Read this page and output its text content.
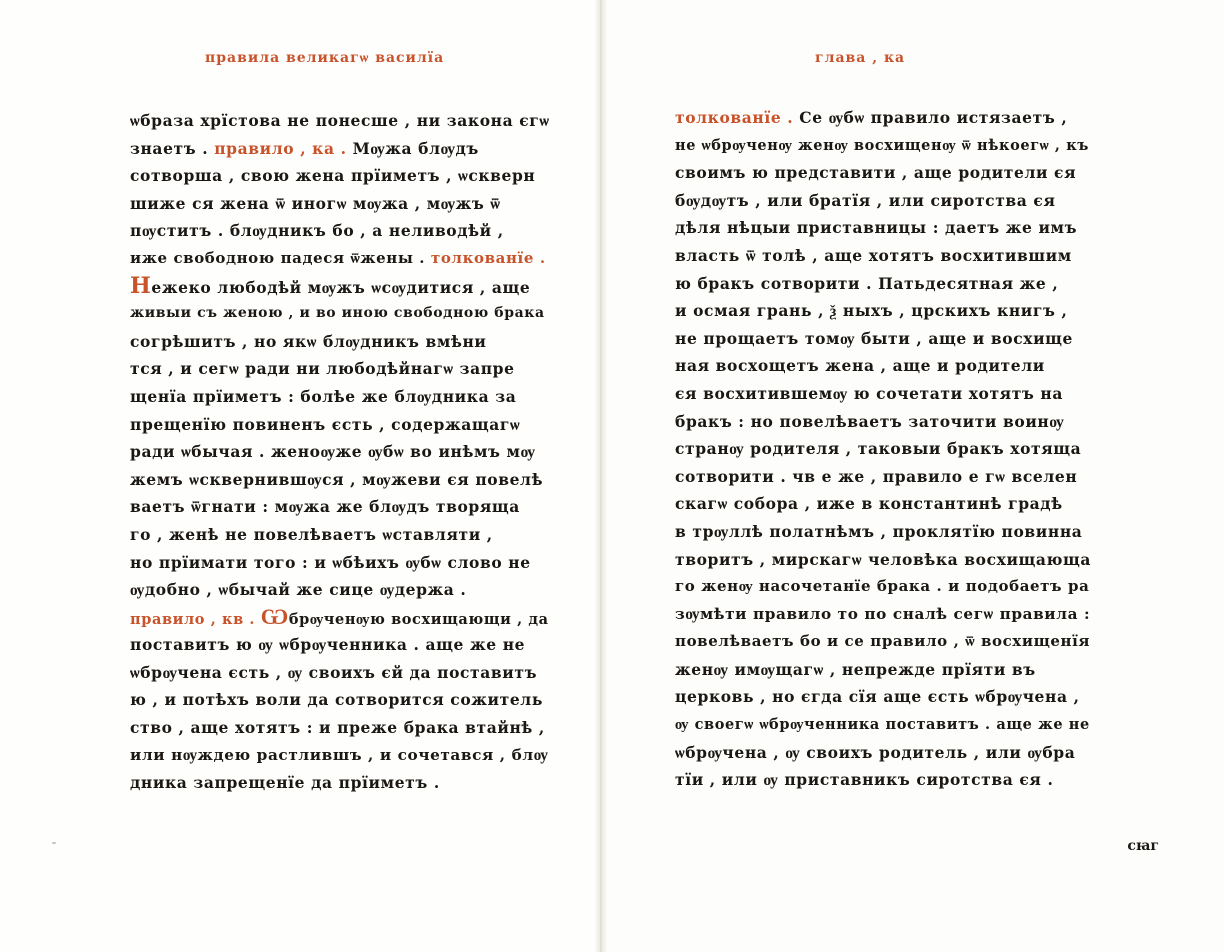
правила великагѡ василїа
ѡбраза хрїстова не понесше , ни закона єгѡ
знаетъ . правило , ка . Мѹжа блѹдъ
сотворша , свою жена прїиметъ , ѡскверн
шиже ся жена ѿ иногѡ мѹжа , мѹжъ ѿ
пѹститъ . блѹдникъ бо , а неливодѣй ,
иже свободною падеся ѿжены . толкованїе .
Нежеко любодѣй мѹжъ ѡсѹдитися , аще
живыи съ женою , и во иною свободною брака
согрѣшитъ , но якѡ блѹдникъ вмѣни
тся , и сегѡ ради ни любодѣйнагѡ запре
щенїа прїиметъ : болѣе же блѹдника за
прещенїю повиненъ єсть , содержащагѡ
ради ѡбычая . женоѹже ѹбѡ во инѣмъ мѹ
жемъ ѡсквернившѹся , мѹжеви єя повелѣ
ваетъ ѿгнати : мѹжа же блѹдъ творяща
го , женѣ не повелѣваетъ ѡставляти ,
но прїимати того : и ѡбѣихъ ѹбѡ слово не
ѹдобно , ѡбычай же сице ѹдержа .
правило , кв . Ѡбрѹченѹю восхищающи , да
поставитъ ю ѹ ѡбрѹченника . аще же не
ѡбрѹчена єсть , ѹ своихъ єй да поставитъ
ю , и потѣхъ воли да сотворится сожитель
ство , аще хотятъ : и преже брака втайнѣ ,
или нѹждею растлившъ , и сочетався , блѹ
дника запрещенїе да прїиметъ .
глава , ка
толкованїе . Се ѹбѡ правило истязаетъ ,
не ѡбрѹченѹ женѹ восхищенѹ ѿ нѣкоегѡ , къ
своимъ ю представити , аще родители єя
бѹдѹтъ , или братїя , или сиротства єя
дѣля нѣцыи приставницы : даетъ же имъ
власть ѿ толѣ , аще хотятъ восхитившим
ю бракъ сотворити . Патьдесятная же ,
и осмая грань , ѯ ныхъ , црскихъ книгъ ,
не прощаетъ томѹ быти , аще и восхище
ная восхощетъ жена , аще и родители
єя восхитившемѹ ю сочетати хотятъ на
бракъ : но повелѣваетъ заточити воинѹ
странѹ родителя , таковыи бракъ хотяща
сотворити . чв е же , правило е гѡ вселен
скагѡ собора , иже в константинѣ градѣ
в трѹллѣ полатнѣмъ , проклятїю повинна
творитъ , мирскагѡ человѣка восхищающа
го женѹ насочетанїе брака . и подобаетъ ра
зѹмѣти правило то по сналѣ сегѡ правила :
повелѣваетъ бо и се правило , ѿ восхищенїя
женѹ имѹщагѡ , непрежде прїяти въ
церковь , но єгда сїя аще єсть ѡбрѹчена ,
ѹ своегѡ ѡбрѹченника поставитъ . аще же не
ѡбрѹчена , ѹ своихъ родитель , или ѹбра
тїи , или ѹ приставникъ сиротства єя .
сꙗг
